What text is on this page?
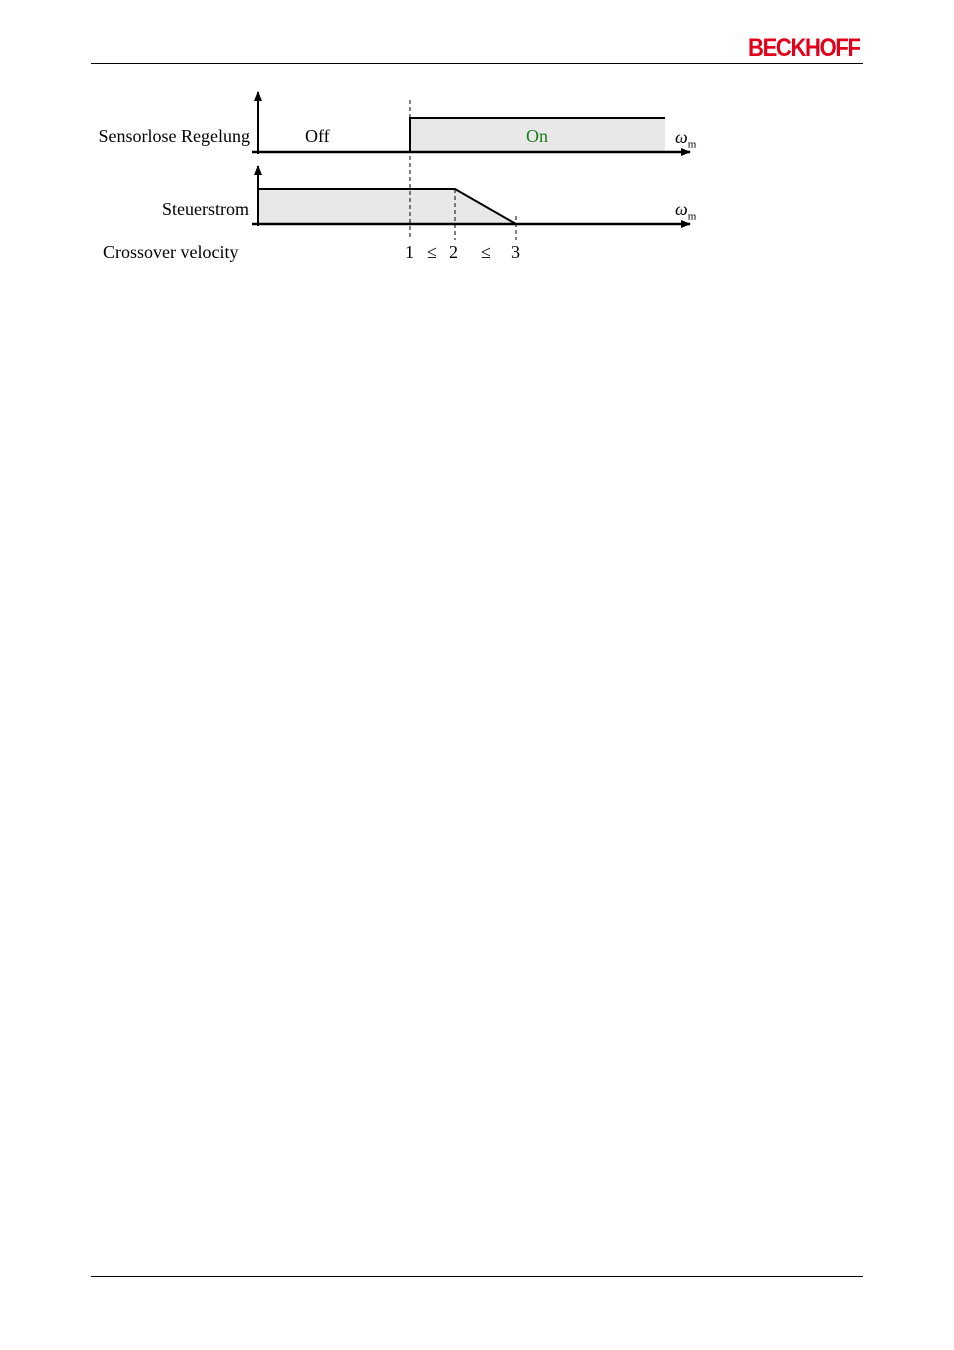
BECKHOFF
Sensorlose Regelung
Steuerstrom
Crossover velocity
Off	On	$\omega_m$
$\omega_m$
1 ≤ 2 ≤ 3
